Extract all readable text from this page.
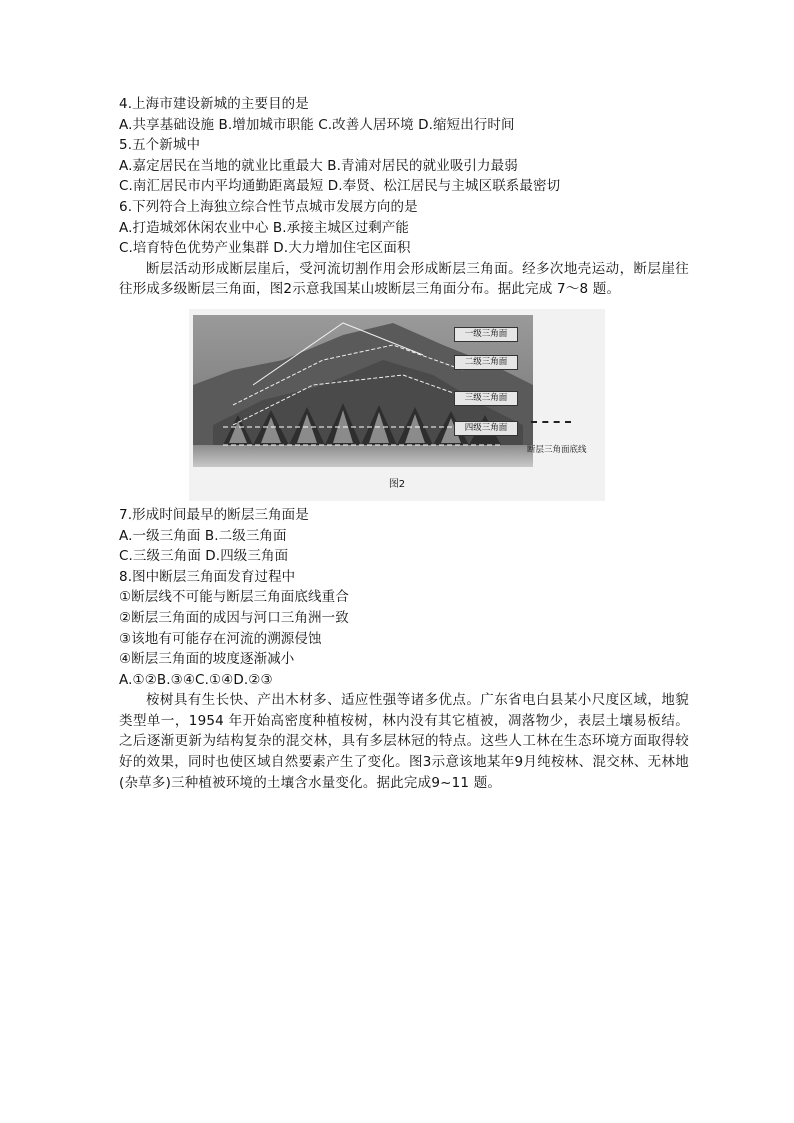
4.上海市建设新城的主要目的是
A.共享基础设施 B.增加城市职能 C.改善人居环境 D.缩短出行时间
5.五个新城中
A.嘉定居民在当地的就业比重最大 B.青浦对居民的就业吸引力最弱
C.南汇居民市内平均通勤距离最短 D.奉贤、松江居民与主城区联系最密切
6.下列符合上海独立综合性节点城市发展方向的是
A.打造城郊休闲农业中心 B.承接主城区过剩产能
C.培育特色优势产业集群 D.大力增加住宅区面积
断层活动形成断层崖后，受河流切割作用会形成断层三角面。经多次地壳运动，断层崖往往形成多级断层三角面，图2示意我国某山坡断层三角面分布。据此完成 7～8 题。
一级三角面
二级三角面
三级三角面
四级三角面
断层三角面底线
图2
7.形成时间最早的断层三角面是
A.一级三角面 B.二级三角面
C.三级三角面 D.四级三角面
8.图中断层三角面发育过程中
①断层线不可能与断层三角面底线重合
②断层三角面的成因与河口三角洲一致
③该地有可能存在河流的溯源侵蚀
④断层三角面的坡度逐渐减小
A.①②B.③④C.①④D.②③
桉树具有生长快、产出木材多、适应性强等诸多优点。广东省电白县某小尺度区域，地貌类型单一，1954 年开始高密度种植桉树，林内没有其它植被，凋落物少，表层土壤易板结。之后逐渐更新为结构复杂的混交林，具有多层林冠的特点。这些人工林在生态环境方面取得较好的效果，同时也使区域自然要素产生了变化。图3示意该地某年9月纯桉林、混交林、无林地(杂草多)三种植被环境的土壤含水量变化。据此完成9~11 题。
